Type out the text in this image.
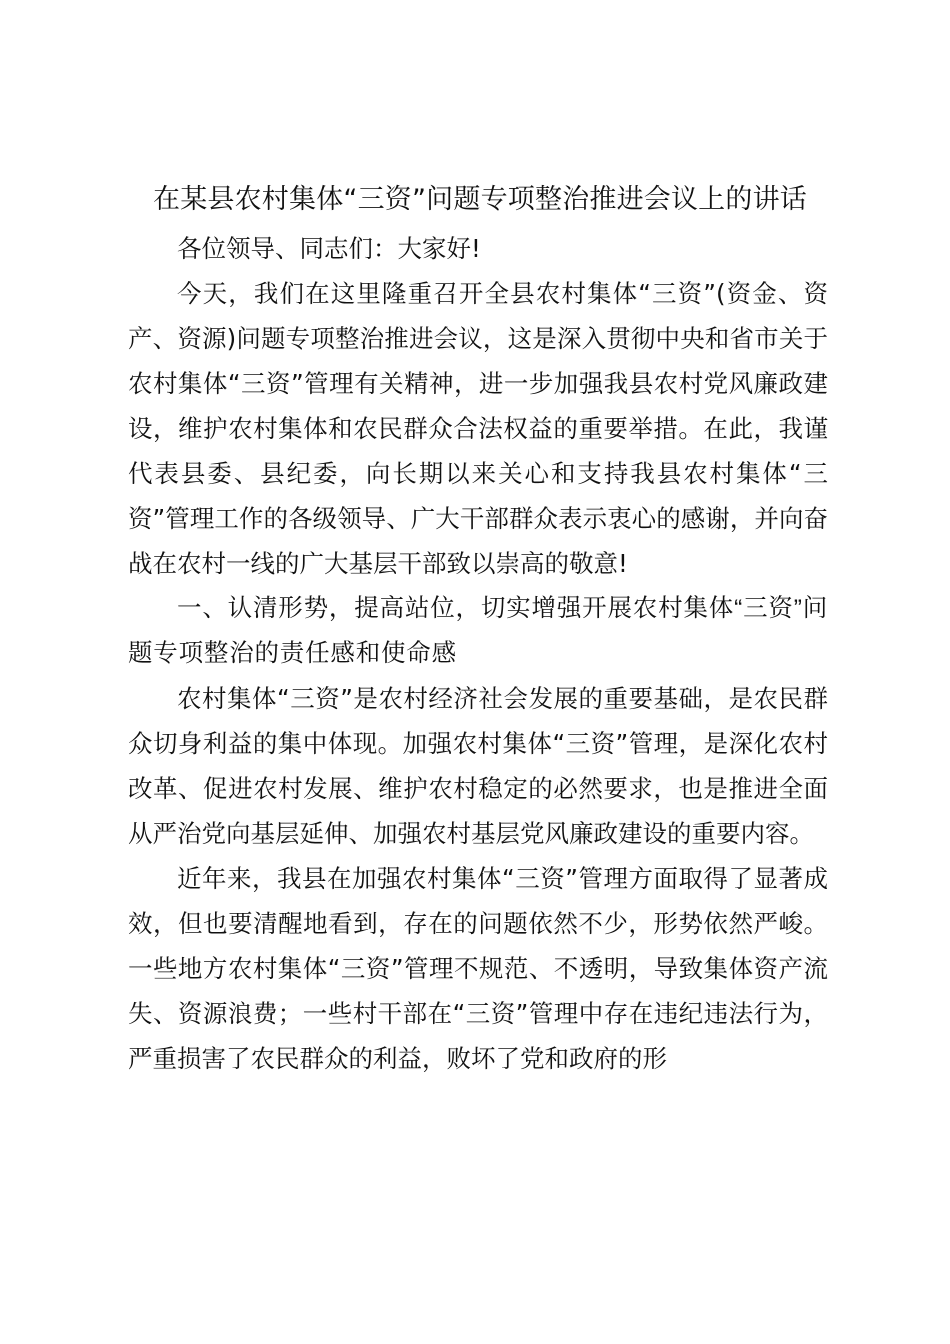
在某县农村集体“三资”问题专项整治推进会议上的讲话

各位领导、同志们：大家好!

今天，我们在这里隆重召开全县农村集体“三资”(资金、资产、资源)问题专项整治推进会议，这是深入贯彻中央和省市关于农村集体“三资”管理有关精神，进一步加强我县农村党风廉政建设，维护农村集体和农民群众合法权益的重要举措。在此，我谨代表县委、县纪委，向长期以来关心和支持我县农村集体“三资”管理工作的各级领导、广大干部群众表示衷心的感谢，并向奋战在农村一线的广大基层干部致以崇高的敬意!

一、认清形势，提高站位，切实增强开展农村集体“三资”问题专项整治的责任感和使命感

农村集体“三资”是农村经济社会发展的重要基础，是农民群众切身利益的集中体现。加强农村集体“三资”管理，是深化农村改革、促进农村发展、维护农村稳定的必然要求，也是推进全面从严治党向基层延伸、加强农村基层党风廉政建设的重要内容。

近年来，我县在加强农村集体“三资”管理方面取得了显著成效，但也要清醒地看到，存在的问题依然不少，形势依然严峻。一些地方农村集体“三资”管理不规范、不透明，导致集体资产流失、资源浪费；一些村干部在“三资”管理中存在违纪违法行为，严重损害了农民群众的利益，败坏了党和政府的形
